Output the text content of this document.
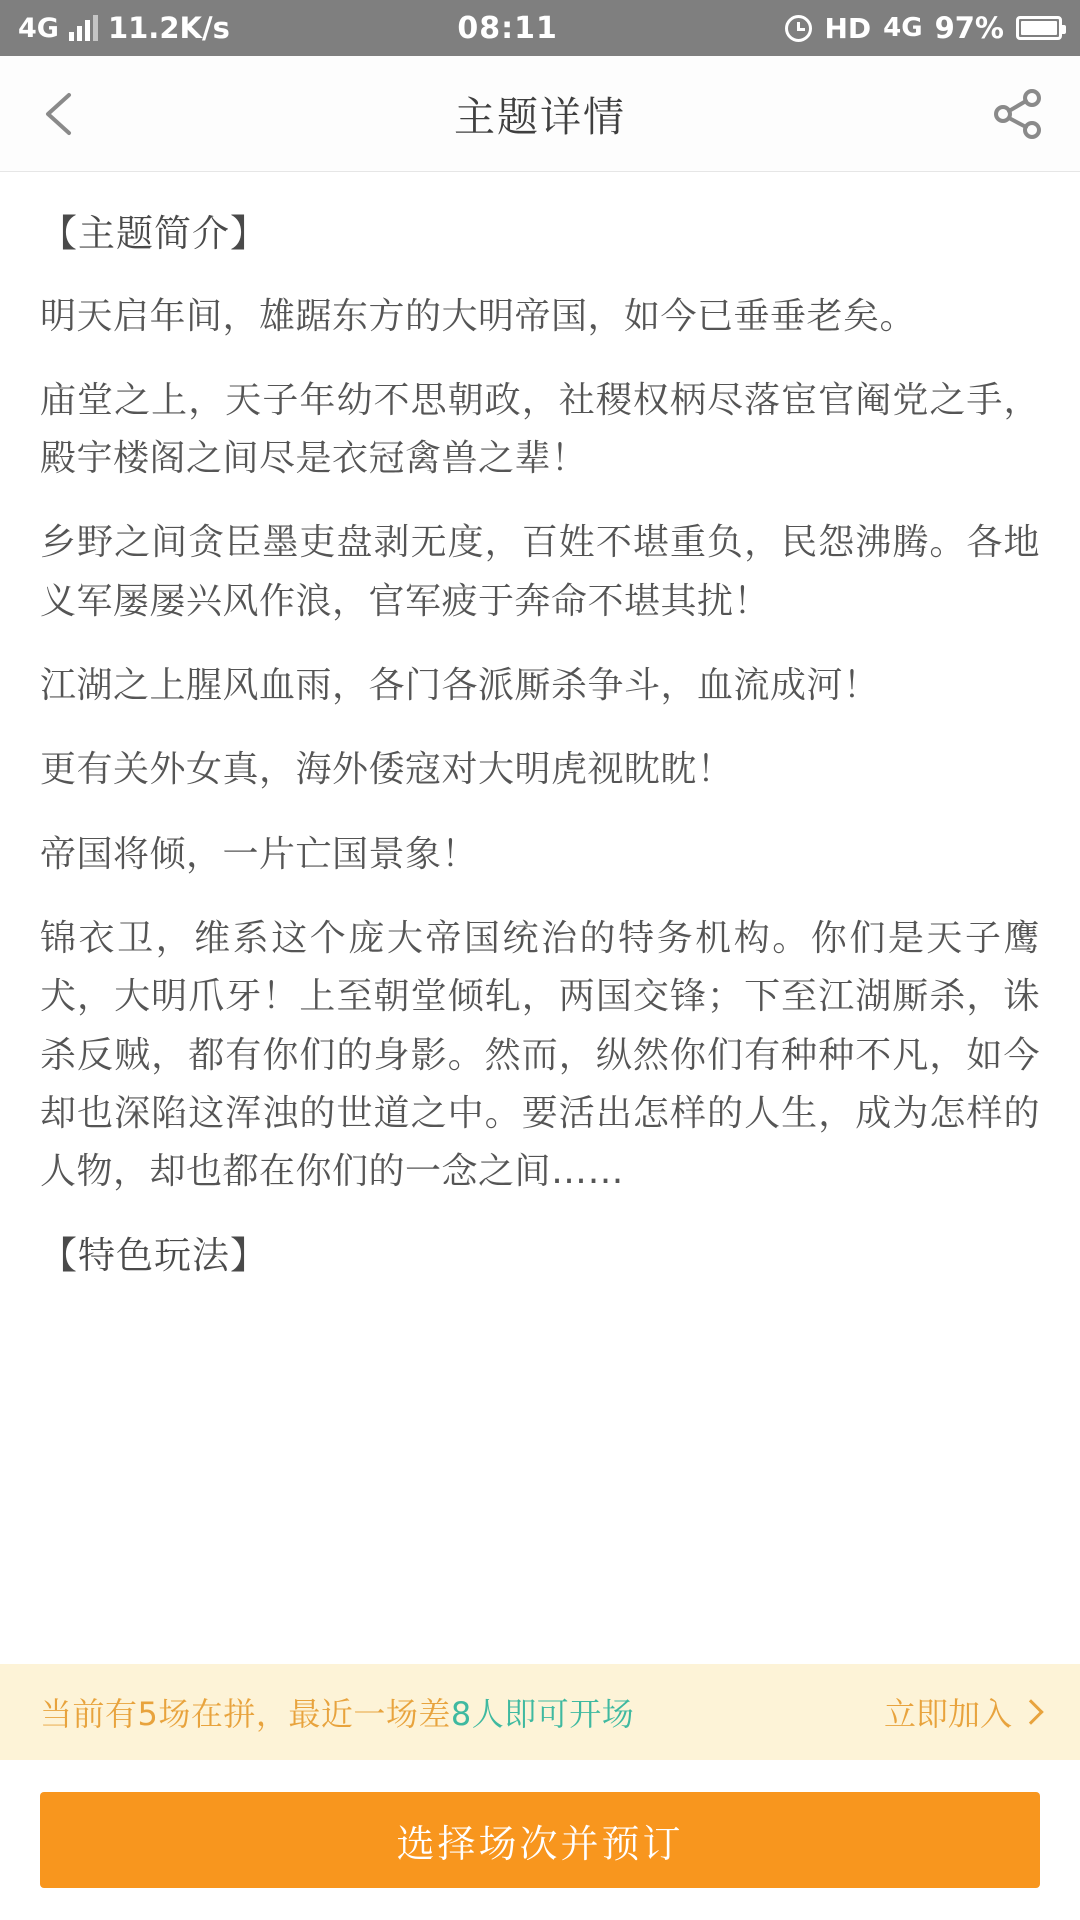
4G 11.2K/s	08:11	HD 4G 97%
主题详情
【主题简介】

明天启年间，雄踞东方的大明帝国，如今已垂垂老矣。

庙堂之上，天子年幼不思朝政，社稷权柄尽落宦官阉党之手，殿宇楼阁之间尽是衣冠禽兽之辈！

乡野之间贪臣墨吏盘剥无度，百姓不堪重负，民怨沸腾。各地义军屡屡兴风作浪，官军疲于奔命不堪其扰！

江湖之上腥风血雨，各门各派厮杀争斗，血流成河！

更有关外女真，海外倭寇对大明虎视眈眈！

帝国将倾，一片亡国景象！

锦衣卫，维系这个庞大帝国统治的特务机构。你们是天子鹰犬，大明爪牙！上至朝堂倾轧，两国交锋；下至江湖厮杀，诛杀反贼，都有你们的身影。然而，纵然你们有种种不凡，如今却也深陷这浑浊的世道之中。要活出怎样的人生，成为怎样的人物，却也都在你们的一念之间……

【特色玩法】
当前有5场在拼，最近一场差8人即可开场	立即加入
选择场次并预订
